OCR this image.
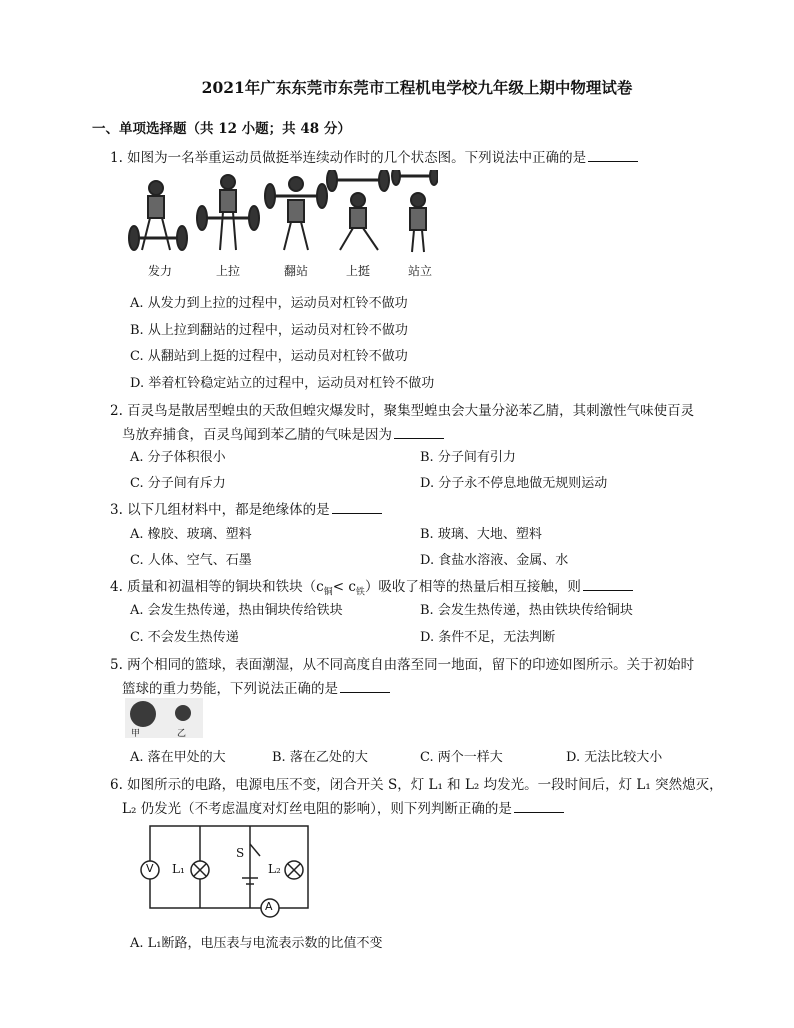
2021年广东东莞市东莞市工程机电学校九年级上期中物理试卷
一、单项选择题（共 12 小题；共 48 分）
1. 如图为一名举重运动员做挺举连续动作时的几个状态图。下列说法中正确的是
发力	上拉	翻站	上挺	站立
A. 从发力到上拉的过程中，运动员对杠铃不做功
B. 从上拉到翻站的过程中，运动员对杠铃不做功
C. 从翻站到上挺的过程中，运动员对杠铃不做功
D. 举着杠铃稳定站立的过程中，运动员对杠铃不做功
2. 百灵鸟是散居型蝗虫的天敌但蝗灾爆发时，聚集型蝗虫会大量分泌苯乙腈，其刺激性气味使百灵
鸟放弃捕食，百灵鸟闻到苯乙腈的气味是因为
A. 分子体积很小	B. 分子间有引力
C. 分子间有斥力	D. 分子永不停息地做无规则运动
3. 以下几组材料中，都是绝缘体的是
A. 橡胶、玻璃、塑料	B. 玻璃、大地、塑料
C. 人体、空气、石墨	D. 食盐水溶液、金属、水
4. 质量和初温相等的铜块和铁块$(c_铜< c_铁)$吸收了相等的热量后相互接触，则
A. 会发生热传递，热由铜块传给铁块	B. 会发生热传递，热由铁块传给铜块
C. 不会发生热传递	D. 条件不足，无法判断
5. 两个相同的篮球，表面潮湿，从不同高度自由落至同一地面，留下的印迹如图所示。关于初始时
篮球的重力势能，下列说法正确的是
甲	乙
A. 落在甲处的大	B. 落在乙处的大	C. 两个一样大	D. 无法比较大小
6. 如图所示的电路，电源电压不变，闭合开关 S，灯 L₁ 和 L₂ 均发光。一段时间后，灯 L₁ 突然熄灭，
L₂ 仍发光（不考虑温度对灯丝电阻的影响），则下列判断正确的是
V L₁
S
L₂
A
A. L₁断路，电压表与电流表示数的比值不变
